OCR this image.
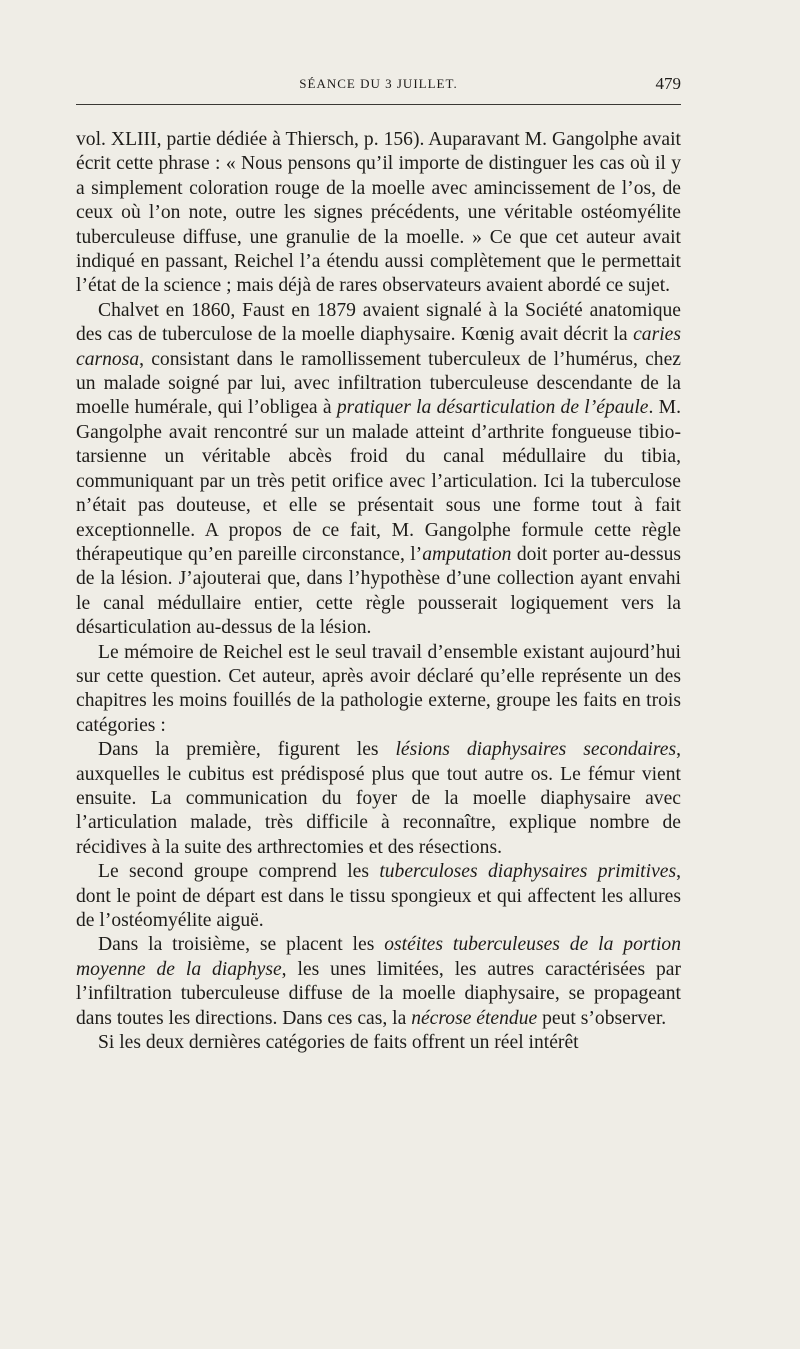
SÉANCE DU 3 JUILLET.	479

vol. XLIII, partie dédiée à Thiersch, p. 156). Auparavant M. Gangolphe avait écrit cette phrase : « Nous pensons qu’il importe de distinguer les cas où il y a simplement coloration rouge de la moelle avec amincissement de l’os, de ceux où l’on note, outre les signes précédents, une véritable ostéomyélite tuberculeuse diffuse, une granulie de la moelle. » Ce que cet auteur avait indiqué en passant, Reichel l’a étendu aussi complètement que le permettait l’état de la science ; mais déjà de rares observateurs avaient abordé ce sujet.

Chalvet en 1860, Faust en 1879 avaient signalé à la Société anatomique des cas de tuberculose de la moelle diaphysaire. Kœnig avait décrit la caries carnosa, consistant dans le ramollissement tuberculeux de l’humérus, chez un malade soigné par lui, avec infiltration tuberculeuse descendante de la moelle humérale, qui l’obligea à pratiquer la désarticulation de l’épaule. M. Gangolphe avait rencontré sur un malade atteint d’arthrite fongueuse tibio-tarsienne un véritable abcès froid du canal médullaire du tibia, communiquant par un très petit orifice avec l’articulation. Ici la tuberculose n’était pas douteuse, et elle se présentait sous une forme tout à fait exceptionnelle. A propos de ce fait, M. Gangolphe formule cette règle thérapeutique qu’en pareille circonstance, l’amputation doit porter au-dessus de la lésion. J’ajouterai que, dans l’hypothèse d’une collection ayant envahi le canal médullaire entier, cette règle pousserait logiquement vers la désarticulation au-dessus de la lésion.

Le mémoire de Reichel est le seul travail d’ensemble existant aujourd’hui sur cette question. Cet auteur, après avoir déclaré qu’elle représente un des chapitres les moins fouillés de la pathologie externe, groupe les faits en trois catégories :

Dans la première, figurent les lésions diaphysaires secondaires, auxquelles le cubitus est prédisposé plus que tout autre os. Le fémur vient ensuite. La communication du foyer de la moelle diaphysaire avec l’articulation malade, très difficile à reconnaître, explique nombre de récidives à la suite des arthrectomies et des résections.

Le second groupe comprend les tuberculoses diaphysaires primitives, dont le point de départ est dans le tissu spongieux et qui affectent les allures de l’ostéomyélite aiguë.

Dans la troisième, se placent les ostéites tuberculeuses de la portion moyenne de la diaphyse, les unes limitées, les autres caractérisées par l’infiltration tuberculeuse diffuse de la moelle diaphysaire, se propageant dans toutes les directions. Dans ces cas, la nécrose étendue peut s’observer.

Si les deux dernières catégories de faits offrent un réel intérêt
